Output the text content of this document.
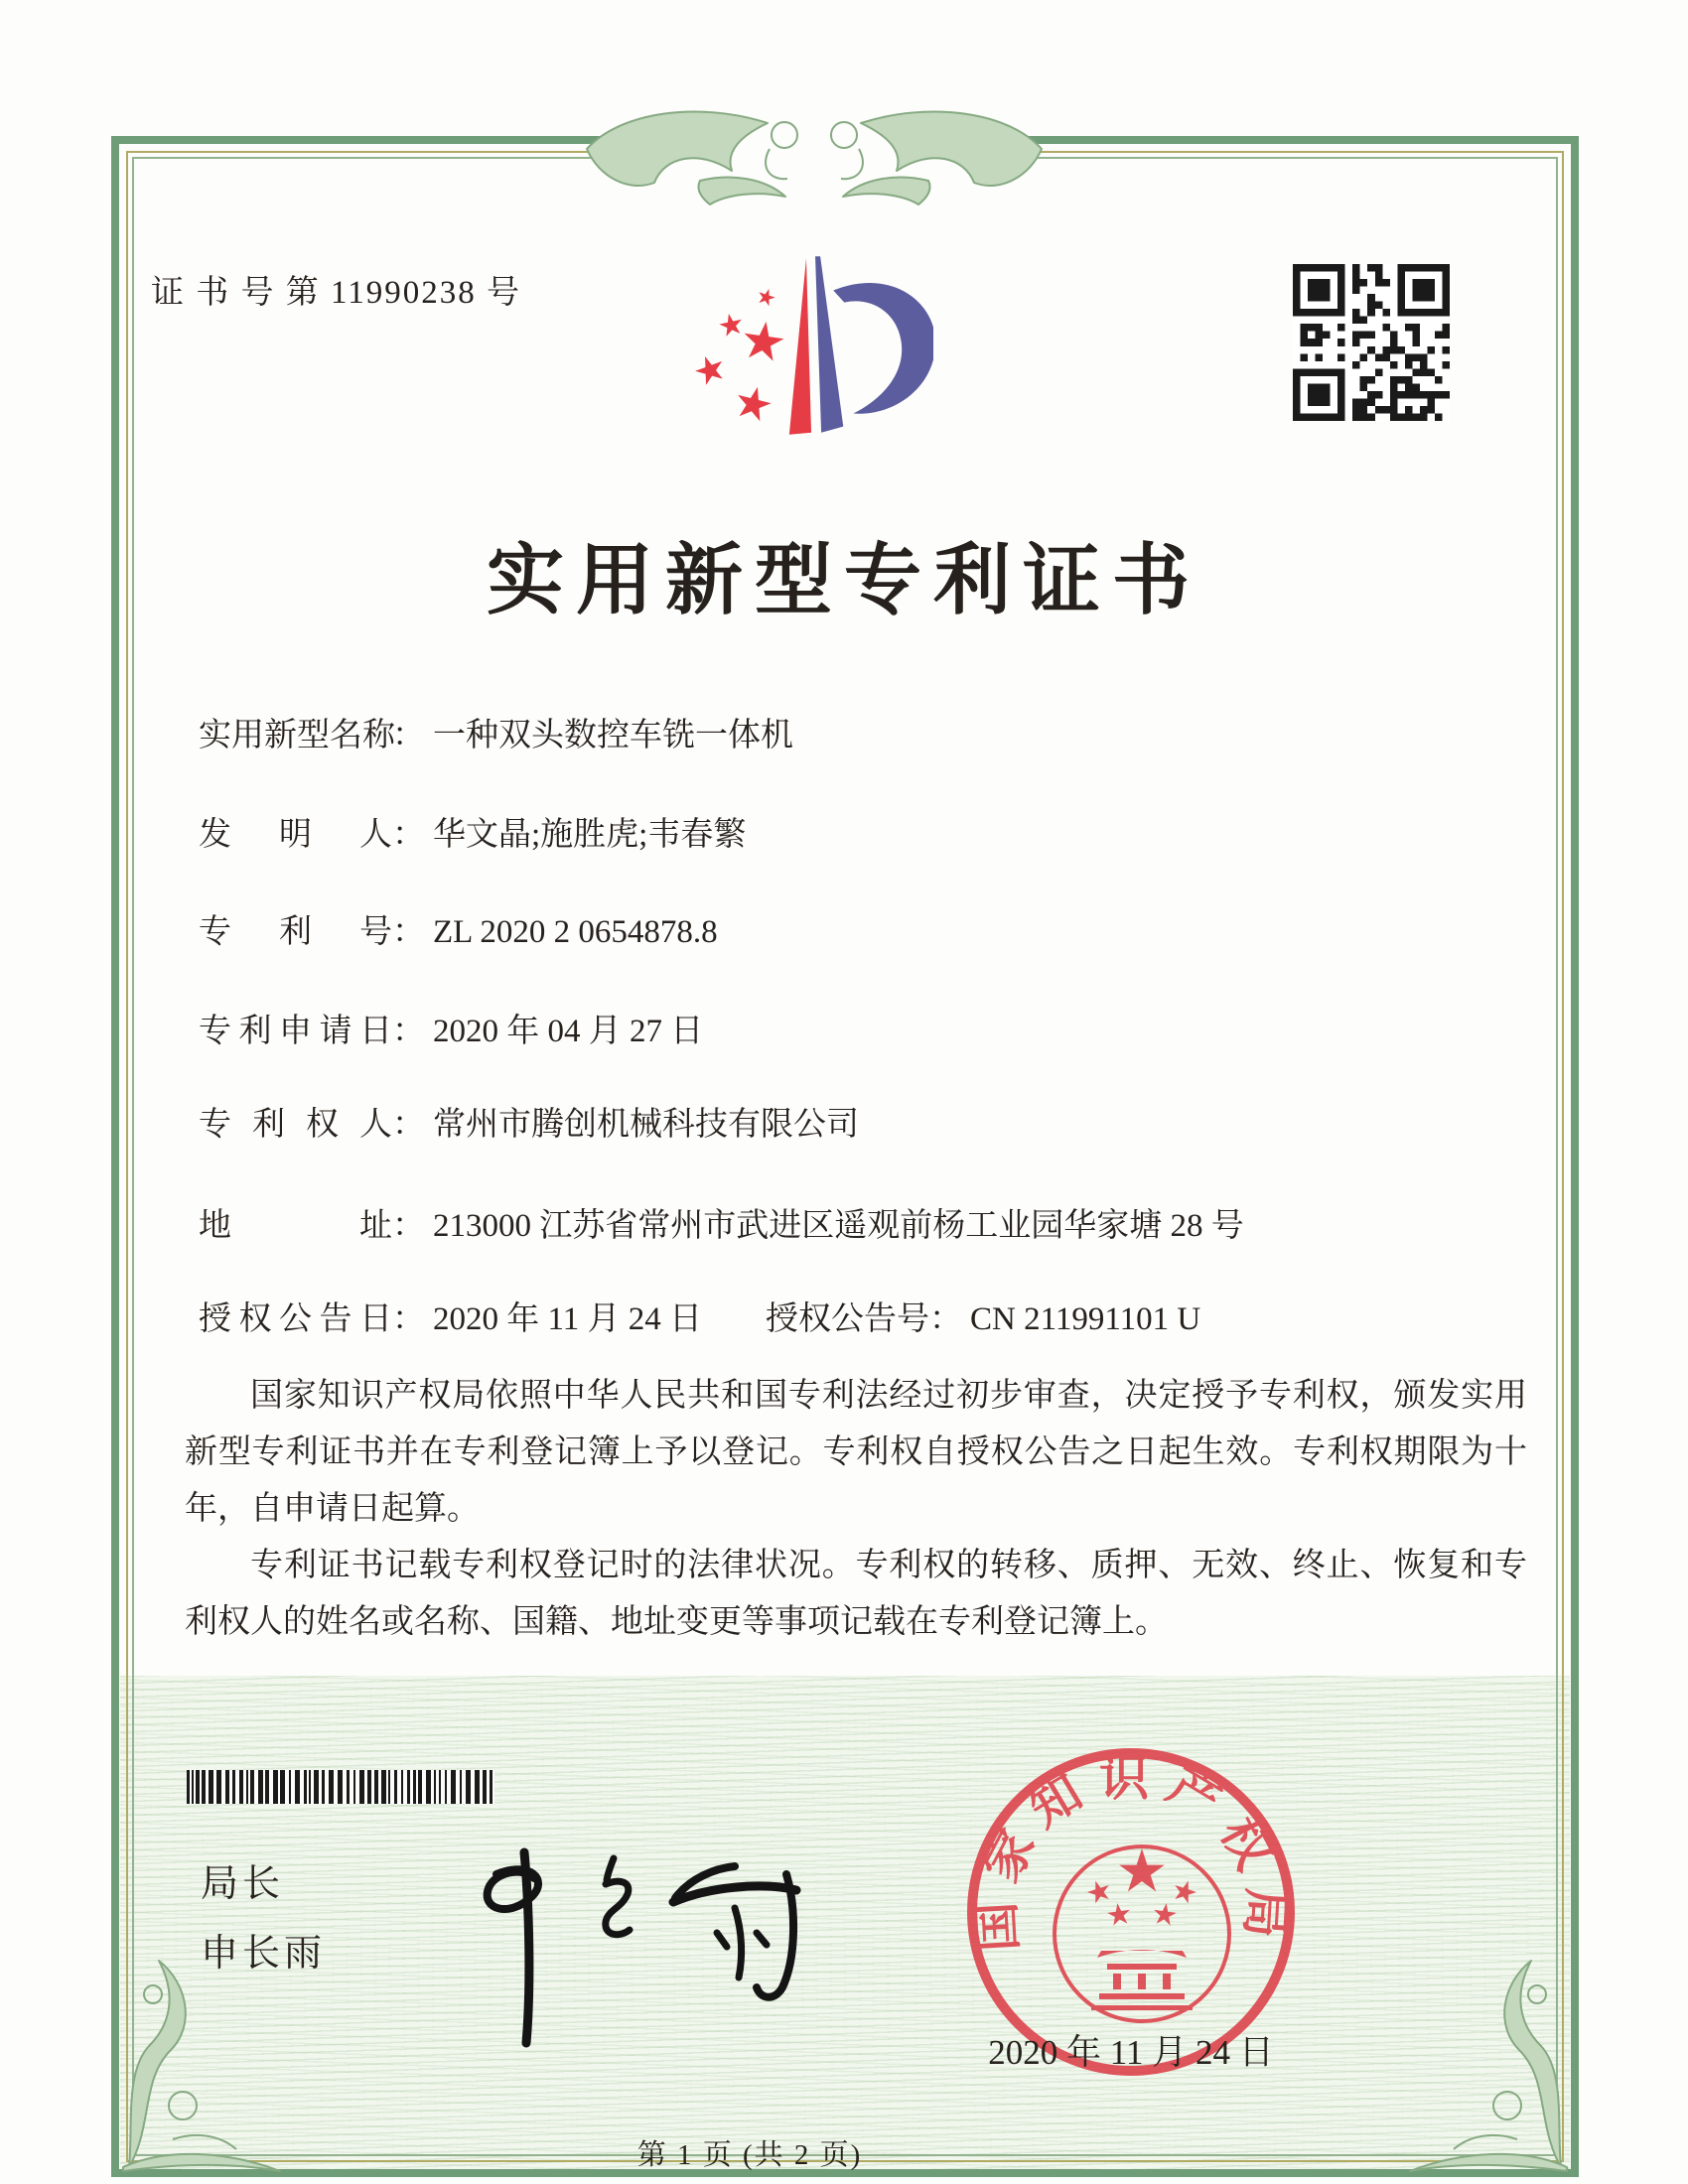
证 书 号 第 11990238 号
实用新型专利证书
实用新型名称： 一种双头数控车铣一体机
发明人： 华文晶;施胜虎;韦春繁
专利号： ZL 2020 2 0654878.8
专利申请日： 2020 年 04 月 27 日
专利权人： 常州市腾创机械科技有限公司
地址： 213000 江苏省常州市武进区遥观前杨工业园华家塘 28 号
授权公告日： 2020 年 11 月 24 日 授权公告号： CN 211991101 U

国家知识产权局依照中华人民共和国专利法经过初步审查，决定授予专利权，颁发实用新型专利证书并在专利登记簿上予以登记。专利权自授权公告之日起生效。专利权期限为十年，自申请日起算。

专利证书记载专利权登记时的法律状况。专利权的转移、质押、无效、终止、恢复和专利权人的姓名或名称、国籍、地址变更等事项记载在专利登记簿上。

局长
申长雨
国家知识产权局
2020 年 11 月 24 日
第 1 页 (共 2 页)
